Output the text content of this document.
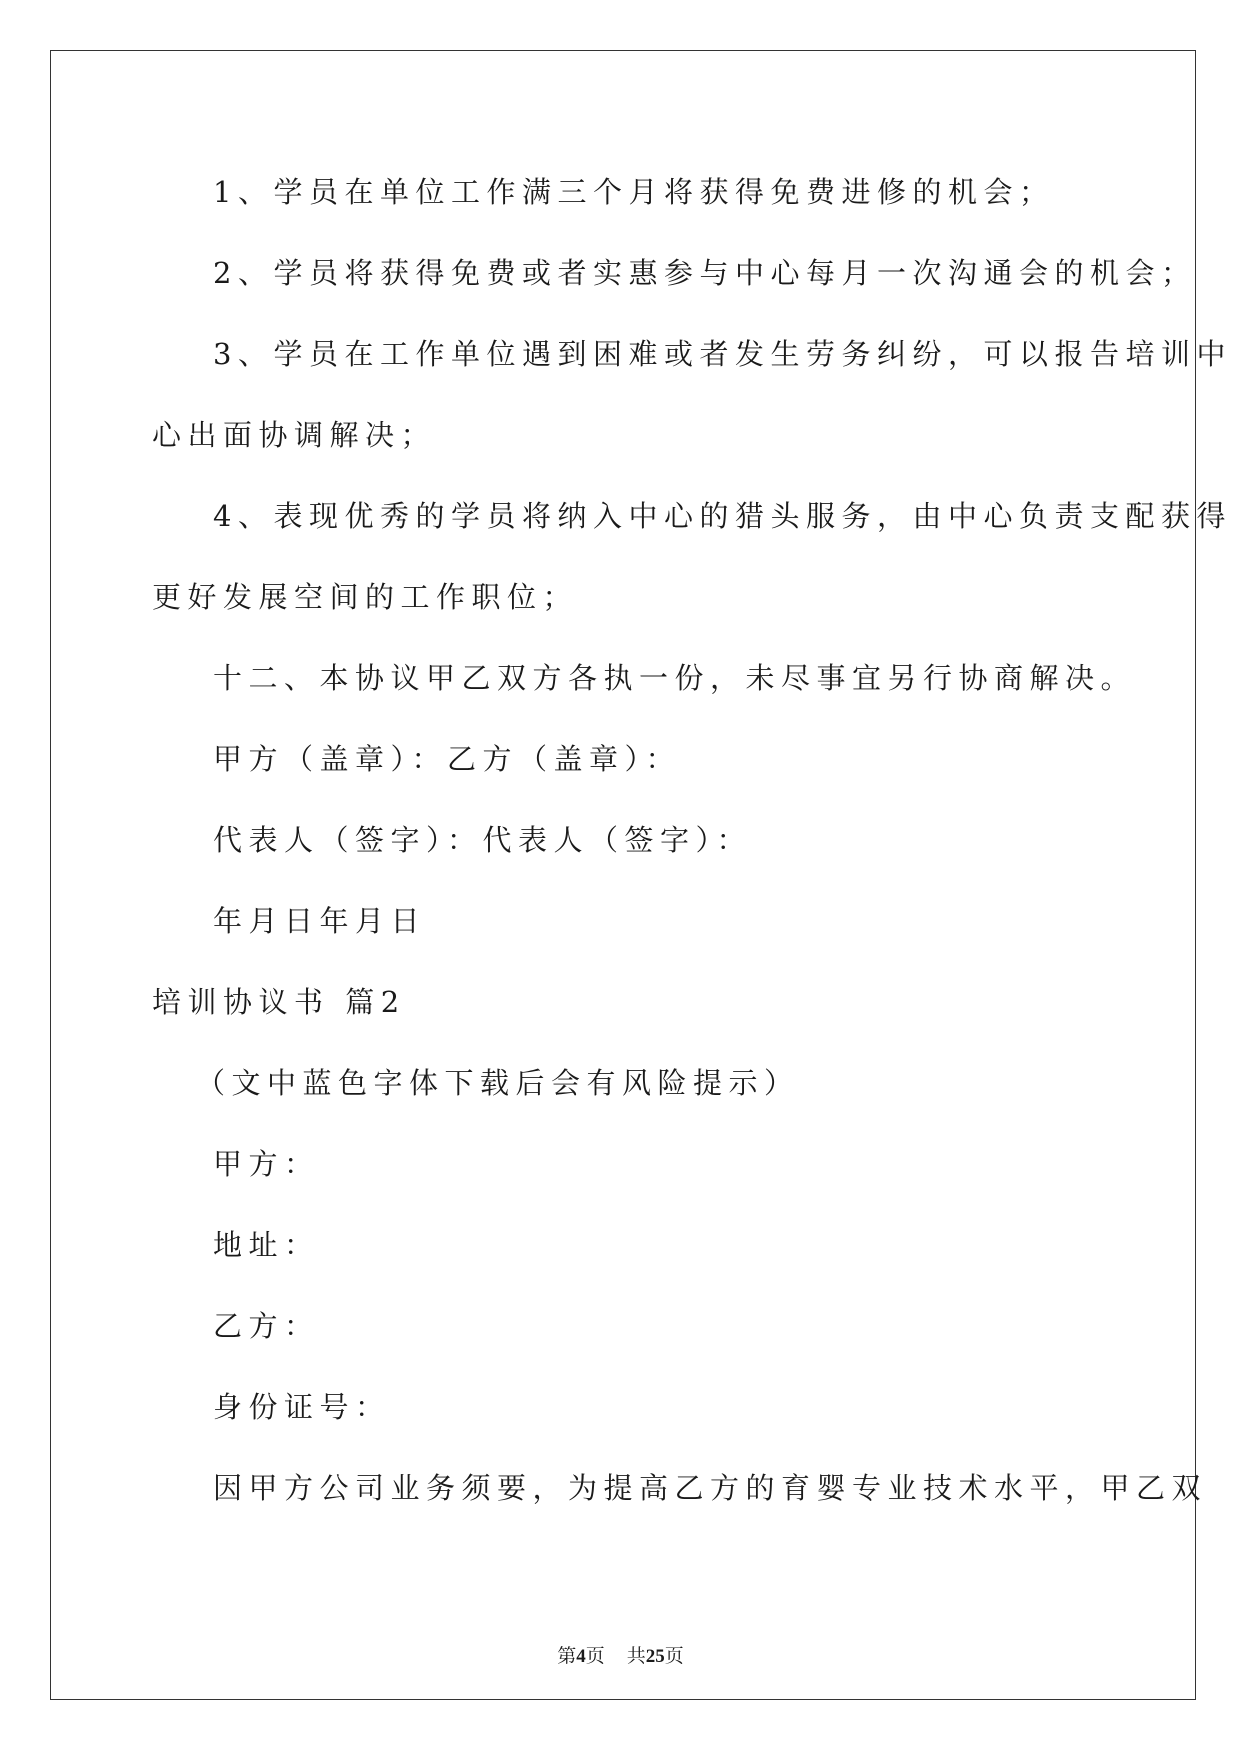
1、学员在单位工作满三个月将获得免费进修的机会；
2、学员将获得免费或者实惠参与中心每月一次沟通会的机会；
3、学员在工作单位遇到困难或者发生劳务纠纷，可以报告培训中
心出面协调解决；
4、表现优秀的学员将纳入中心的猎头服务，由中心负责支配获得
更好发展空间的工作职位；
十二、本协议甲乙双方各执一份，未尽事宜另行协商解决。
甲方（盖章）：乙方（盖章）：
代表人（签字）：代表人（签字）：
年月日年月日
培训协议书 篇2
（文中蓝色字体下载后会有风险提示）
甲方：
地址：
乙方：
身份证号：
因甲方公司业务须要，为提高乙方的育婴专业技术水平，甲乙双
第4页 共25页
